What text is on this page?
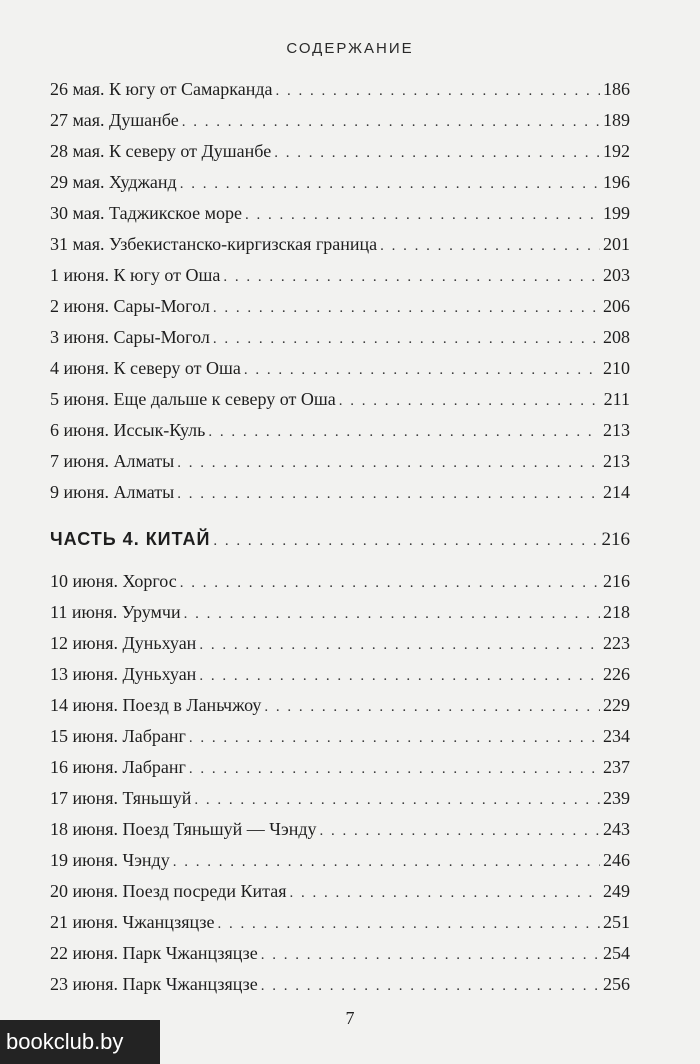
СОДЕРЖАНИЕ
26 мая. К югу от Самарканда . . .	186
27 мая. Душанбе . . .	189
28 мая. К северу от Душанбе . . .	192
29 мая. Худжанд . . .	196
30 мая. Таджикское море . . .	199
31 мая. Узбекистанско-киргизская граница . . .	201
1 июня. К югу от Оша . . .	203
2 июня. Сары-Могол . . .	206
3 июня. Сары-Могол . . .	208
4 июня. К северу от Оша . . .	210
5 июня. Еще дальше к северу от Оша . . .	211
6 июня. Иссык-Куль . . .	213
7 июня. Алматы . . .	213
9 июня. Алматы . . .	214
ЧАСТЬ 4. КИТАЙ . . .	216
10 июня. Хоргос . . .	216
11 июня. Урумчи . . .	218
12 июня. Дуньхуан . . .	223
13 июня. Дуньхуан . . .	226
14 июня. Поезд в Ланьчжоу . . .	229
15 июня. Лабранг . . .	234
16 июня. Лабранг . . .	237
17 июня. Тяньшуй . . .	239
18 июня. Поезд Тяньшуй — Чэнду . . .	243
19 июня. Чэнду . . .	246
20 июня. Поезд посреди Китая . . .	249
21 июня. Чжанцзяцзе . . .	251
22 июня. Парк Чжанцзяцзе . . .	254
23 июня. Парк Чжанцзяцзе . . .	256
7
bookclub.by
